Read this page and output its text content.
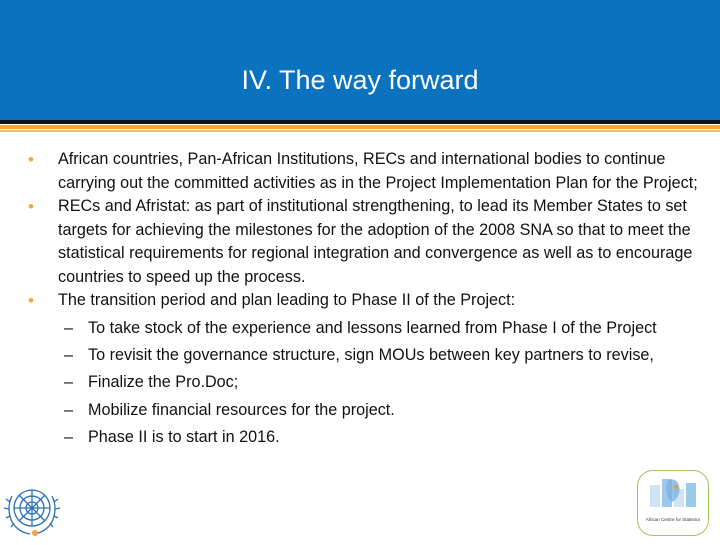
IV. The way forward
• African countries, Pan-African Institutions, RECs and international bodies to continue carrying out the committed activities as in the Project Implementation Plan for the Project;
• RECs and Afristat: as part of institutional strengthening, to lead its Member States to set targets for achieving the milestones for the adoption of the 2008 SNA so that to meet the statistical requirements for regional integration and convergence as well as to encourage countries to speed up the process.
• The transition period and plan leading to Phase II of the Project:
– To take stock of the experience and lessons learned from Phase I of the Project
– To revisit the governance structure, sign MOUs between key partners to revise,
– Finalize the Pro.Doc;
– Mobilize financial resources for the project.
– Phase II is to start in 2016.
African Centre for Statistics
